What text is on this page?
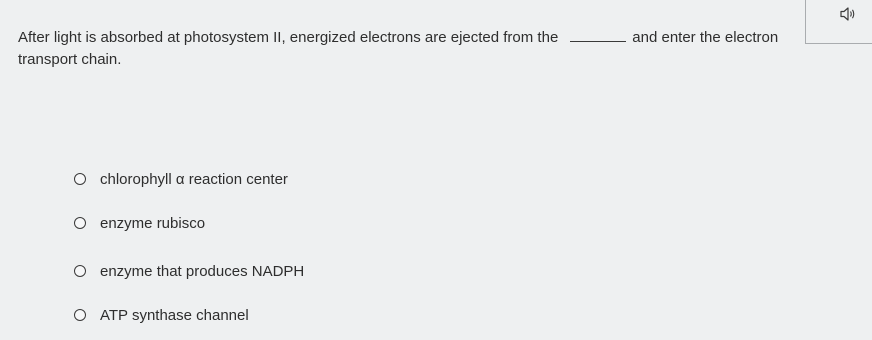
After light is absorbed at photosystem II, energized electrons are ejected from the	and enter the electron
transport chain.
chlorophyll α reaction center
enzyme rubisco
enzyme that produces NADPH
ATP synthase channel
